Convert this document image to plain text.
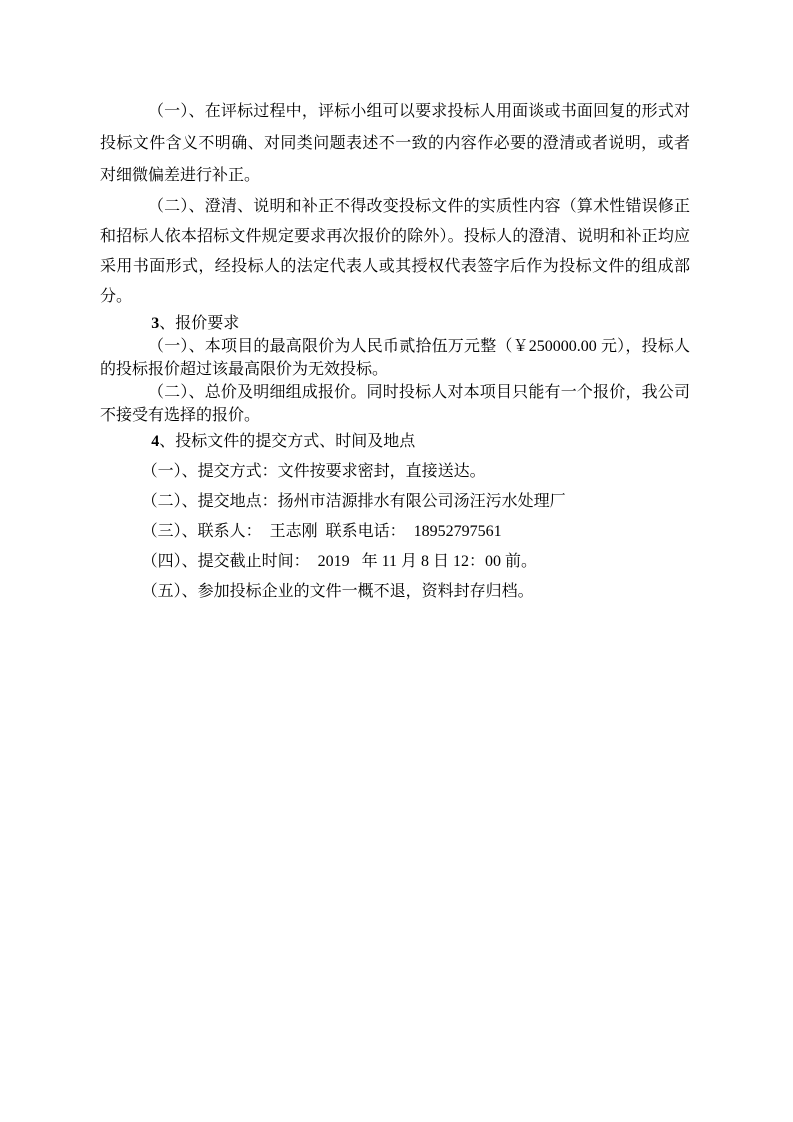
（一）、在评标过程中，评标小组可以要求投标人用面谈或书面回复的形式对投标文件含义不明确、对同类问题表述不一致的内容作必要的澄清或者说明，或者对细微偏差进行补正。

（二）、澄清、说明和补正不得改变投标文件的实质性内容（算术性错误修正和招标人依本招标文件规定要求再次报价的除外）。投标人的澄清、说明和补正均应采用书面形式，经投标人的法定代表人或其授权代表签字后作为投标文件的组成部分。

3、报价要求

（一）、本项目的最高限价为人民币贰拾伍万元整（￥250000.00 元），投标人的投标报价超过该最高限价为无效投标。

（二）、总价及明细组成报价。同时投标人对本项目只能有一个报价，我公司不接受有选择的报价。

4、投标文件的提交方式、时间及地点

（一）、提交方式：文件按要求密封，直接送达。

（二）、提交地点：扬州市洁源排水有限公司汤汪污水处理厂

（三）、联系人：  王志刚  联系电话：  18952797561

（四）、提交截止时间：  2019   年 11 月 8 日 12：00 前。

（五）、参加投标企业的文件一概不退，资料封存归档。
